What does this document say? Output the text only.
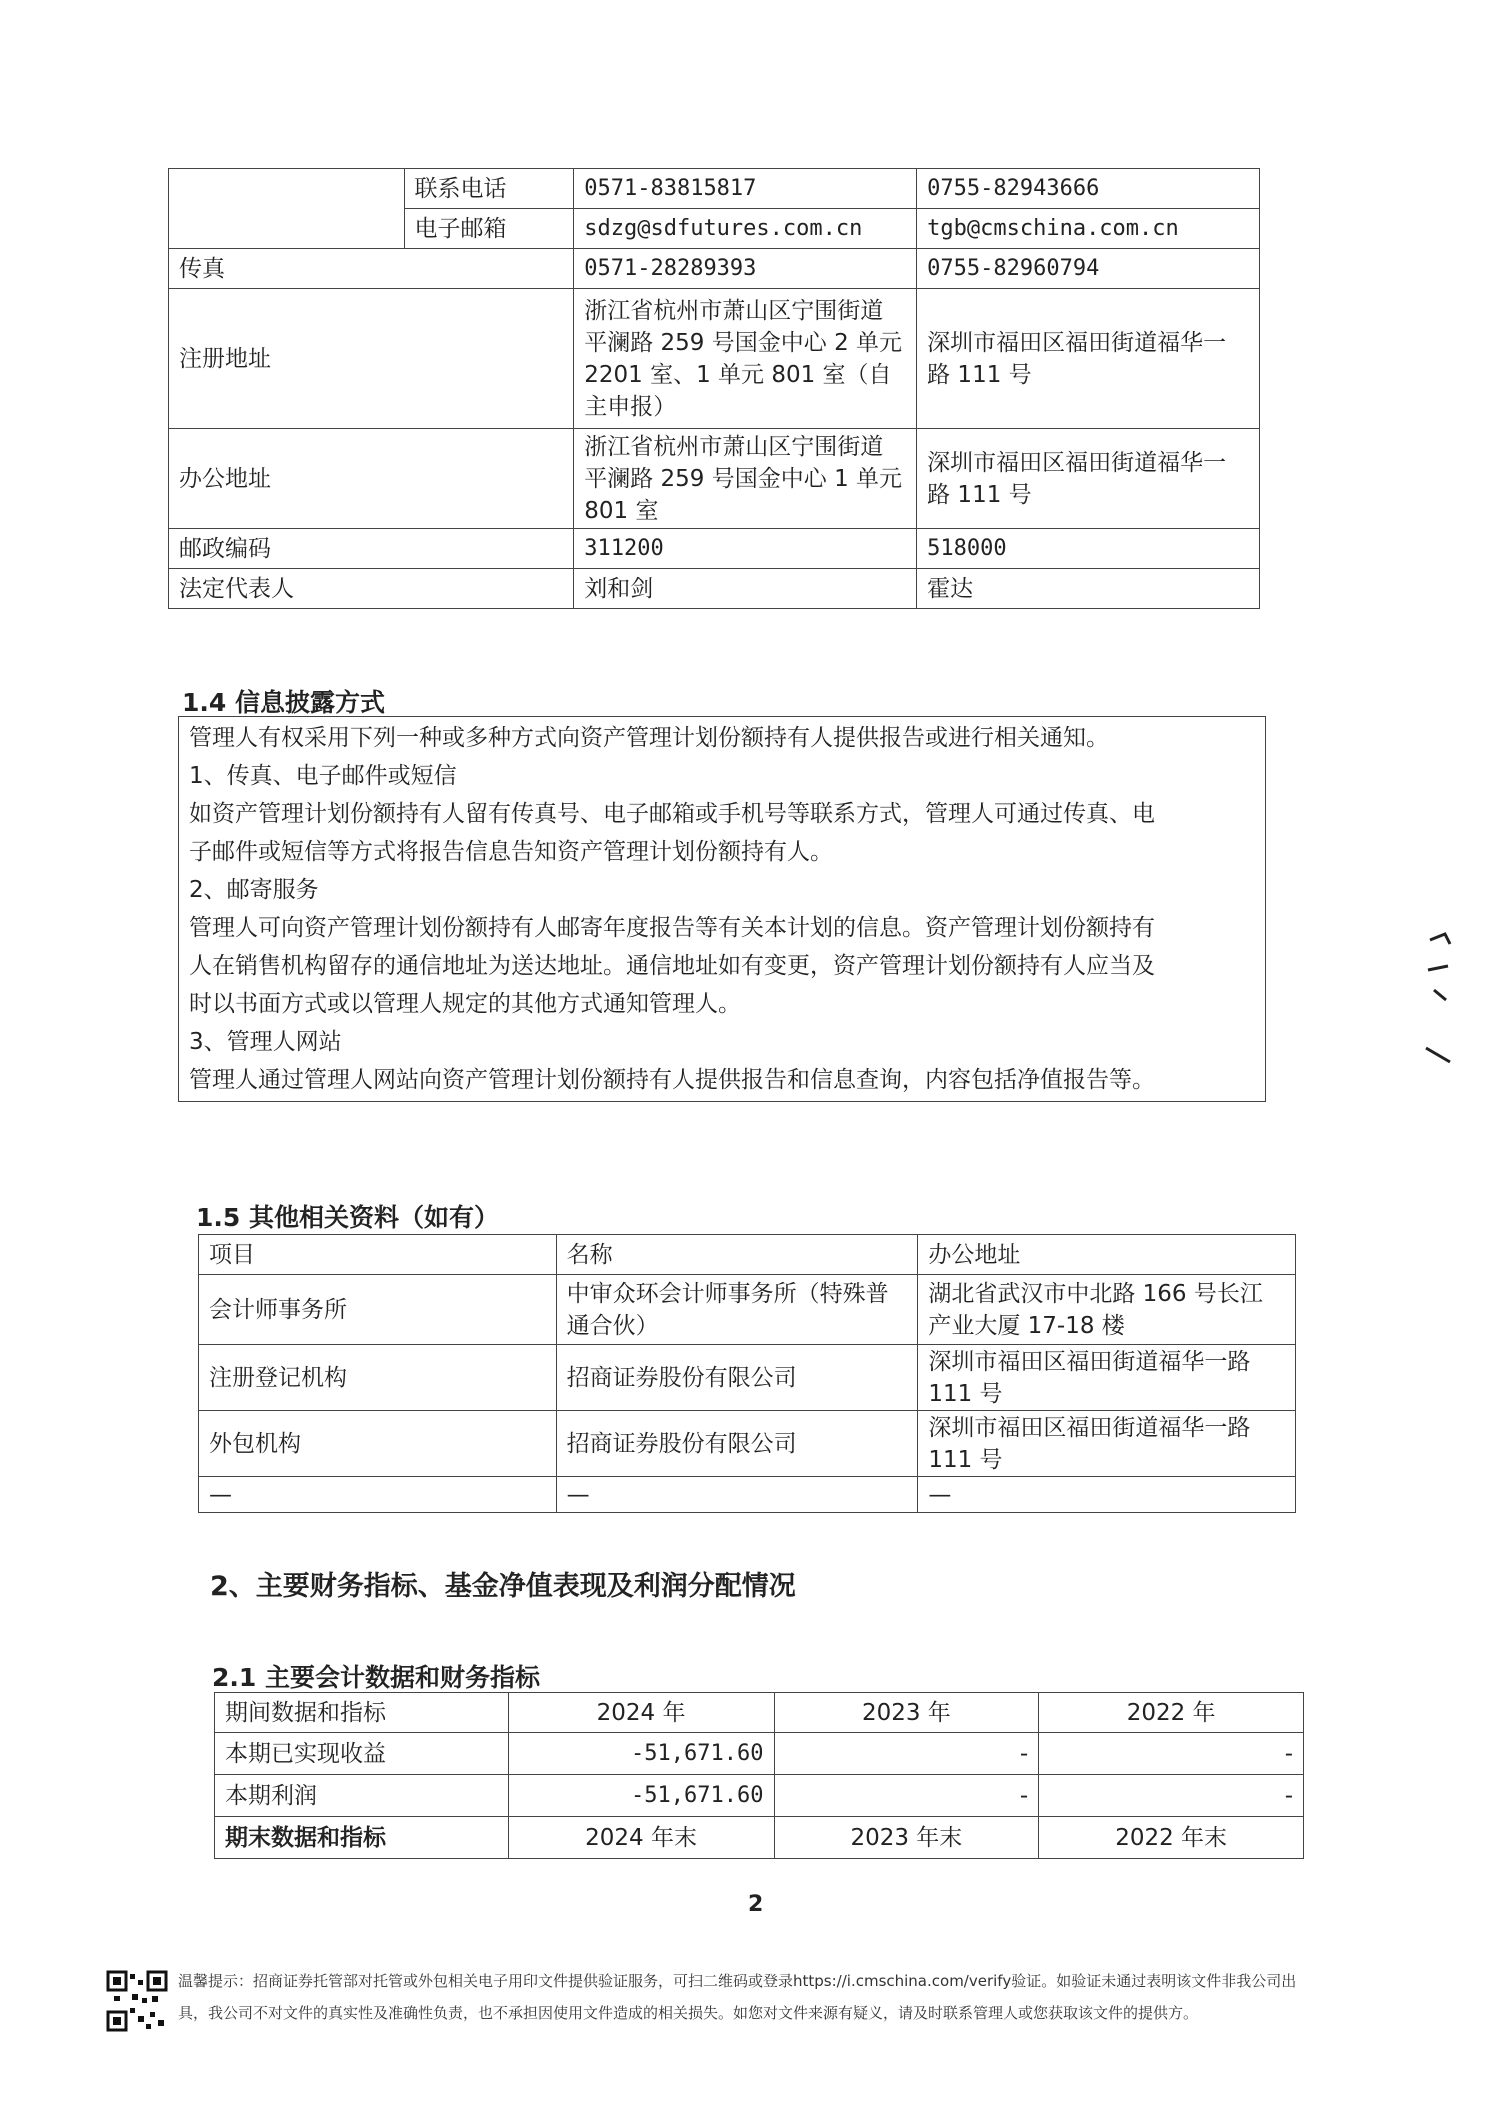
	联系电话	0571-83815817	0755-82943666
	电子邮箱	sdzg@sdfutures.com.cn	tgb@cmschina.com.cn
传真		0571-28289393	0755-82960794
注册地址		浙江省杭州市萧山区宁围街道平澜路 259 号国金中心 2 单元 2201 室、1 单元 801 室（自主申报）	深圳市福田区福田街道福华一路 111 号
办公地址		浙江省杭州市萧山区宁围街道平澜路 259 号国金中心 1 单元 801 室	深圳市福田区福田街道福华一路 111 号
邮政编码		311200	518000
法定代表人		刘和剑	霍达
1.4 信息披露方式
管理人有权采用下列一种或多种方式向资产管理计划份额持有人提供报告或进行相关通知。
1、传真、电子邮件或短信
如资产管理计划份额持有人留有传真号、电子邮箱或手机号等联系方式，管理人可通过传真、电
子邮件或短信等方式将报告信息告知资产管理计划份额持有人。
2、邮寄服务
管理人可向资产管理计划份额持有人邮寄年度报告等有关本计划的信息。资产管理计划份额持有
人在销售机构留存的通信地址为送达地址。通信地址如有变更，资产管理计划份额持有人应当及
时以书面方式或以管理人规定的其他方式通知管理人。
3、管理人网站
管理人通过管理人网站向资产管理计划份额持有人提供报告和信息查询，内容包括净值报告等。
1.5 其他相关资料（如有）
项目	名称	办公地址
会计师事务所	中审众环会计师事务所（特殊普通合伙）	湖北省武汉市中北路 166 号长江产业大厦 17-18 楼
注册登记机构	招商证券股份有限公司	深圳市福田区福田街道福华一路 111 号
外包机构	招商证券股份有限公司	深圳市福田区福田街道福华一路 111 号
—	—	—
2、主要财务指标、基金净值表现及利润分配情况
2.1 主要会计数据和财务指标
期间数据和指标	2024 年	2023 年	2022 年
本期已实现收益	-51,671.60	-	-
本期利润	-51,671.60	-	-
期末数据和指标	2024 年末	2023 年末	2022 年末
2
温馨提示：招商证券托管部对托管或外包相关电子用印文件提供验证服务，可扫二维码或登录https://i.cmschina.com/verify验证。如验证未通过表明该文件非我公司出
具，我公司不对文件的真实性及准确性负责，也不承担因使用文件造成的相关损失。如您对文件来源有疑义，请及时联系管理人或您获取该文件的提供方。
